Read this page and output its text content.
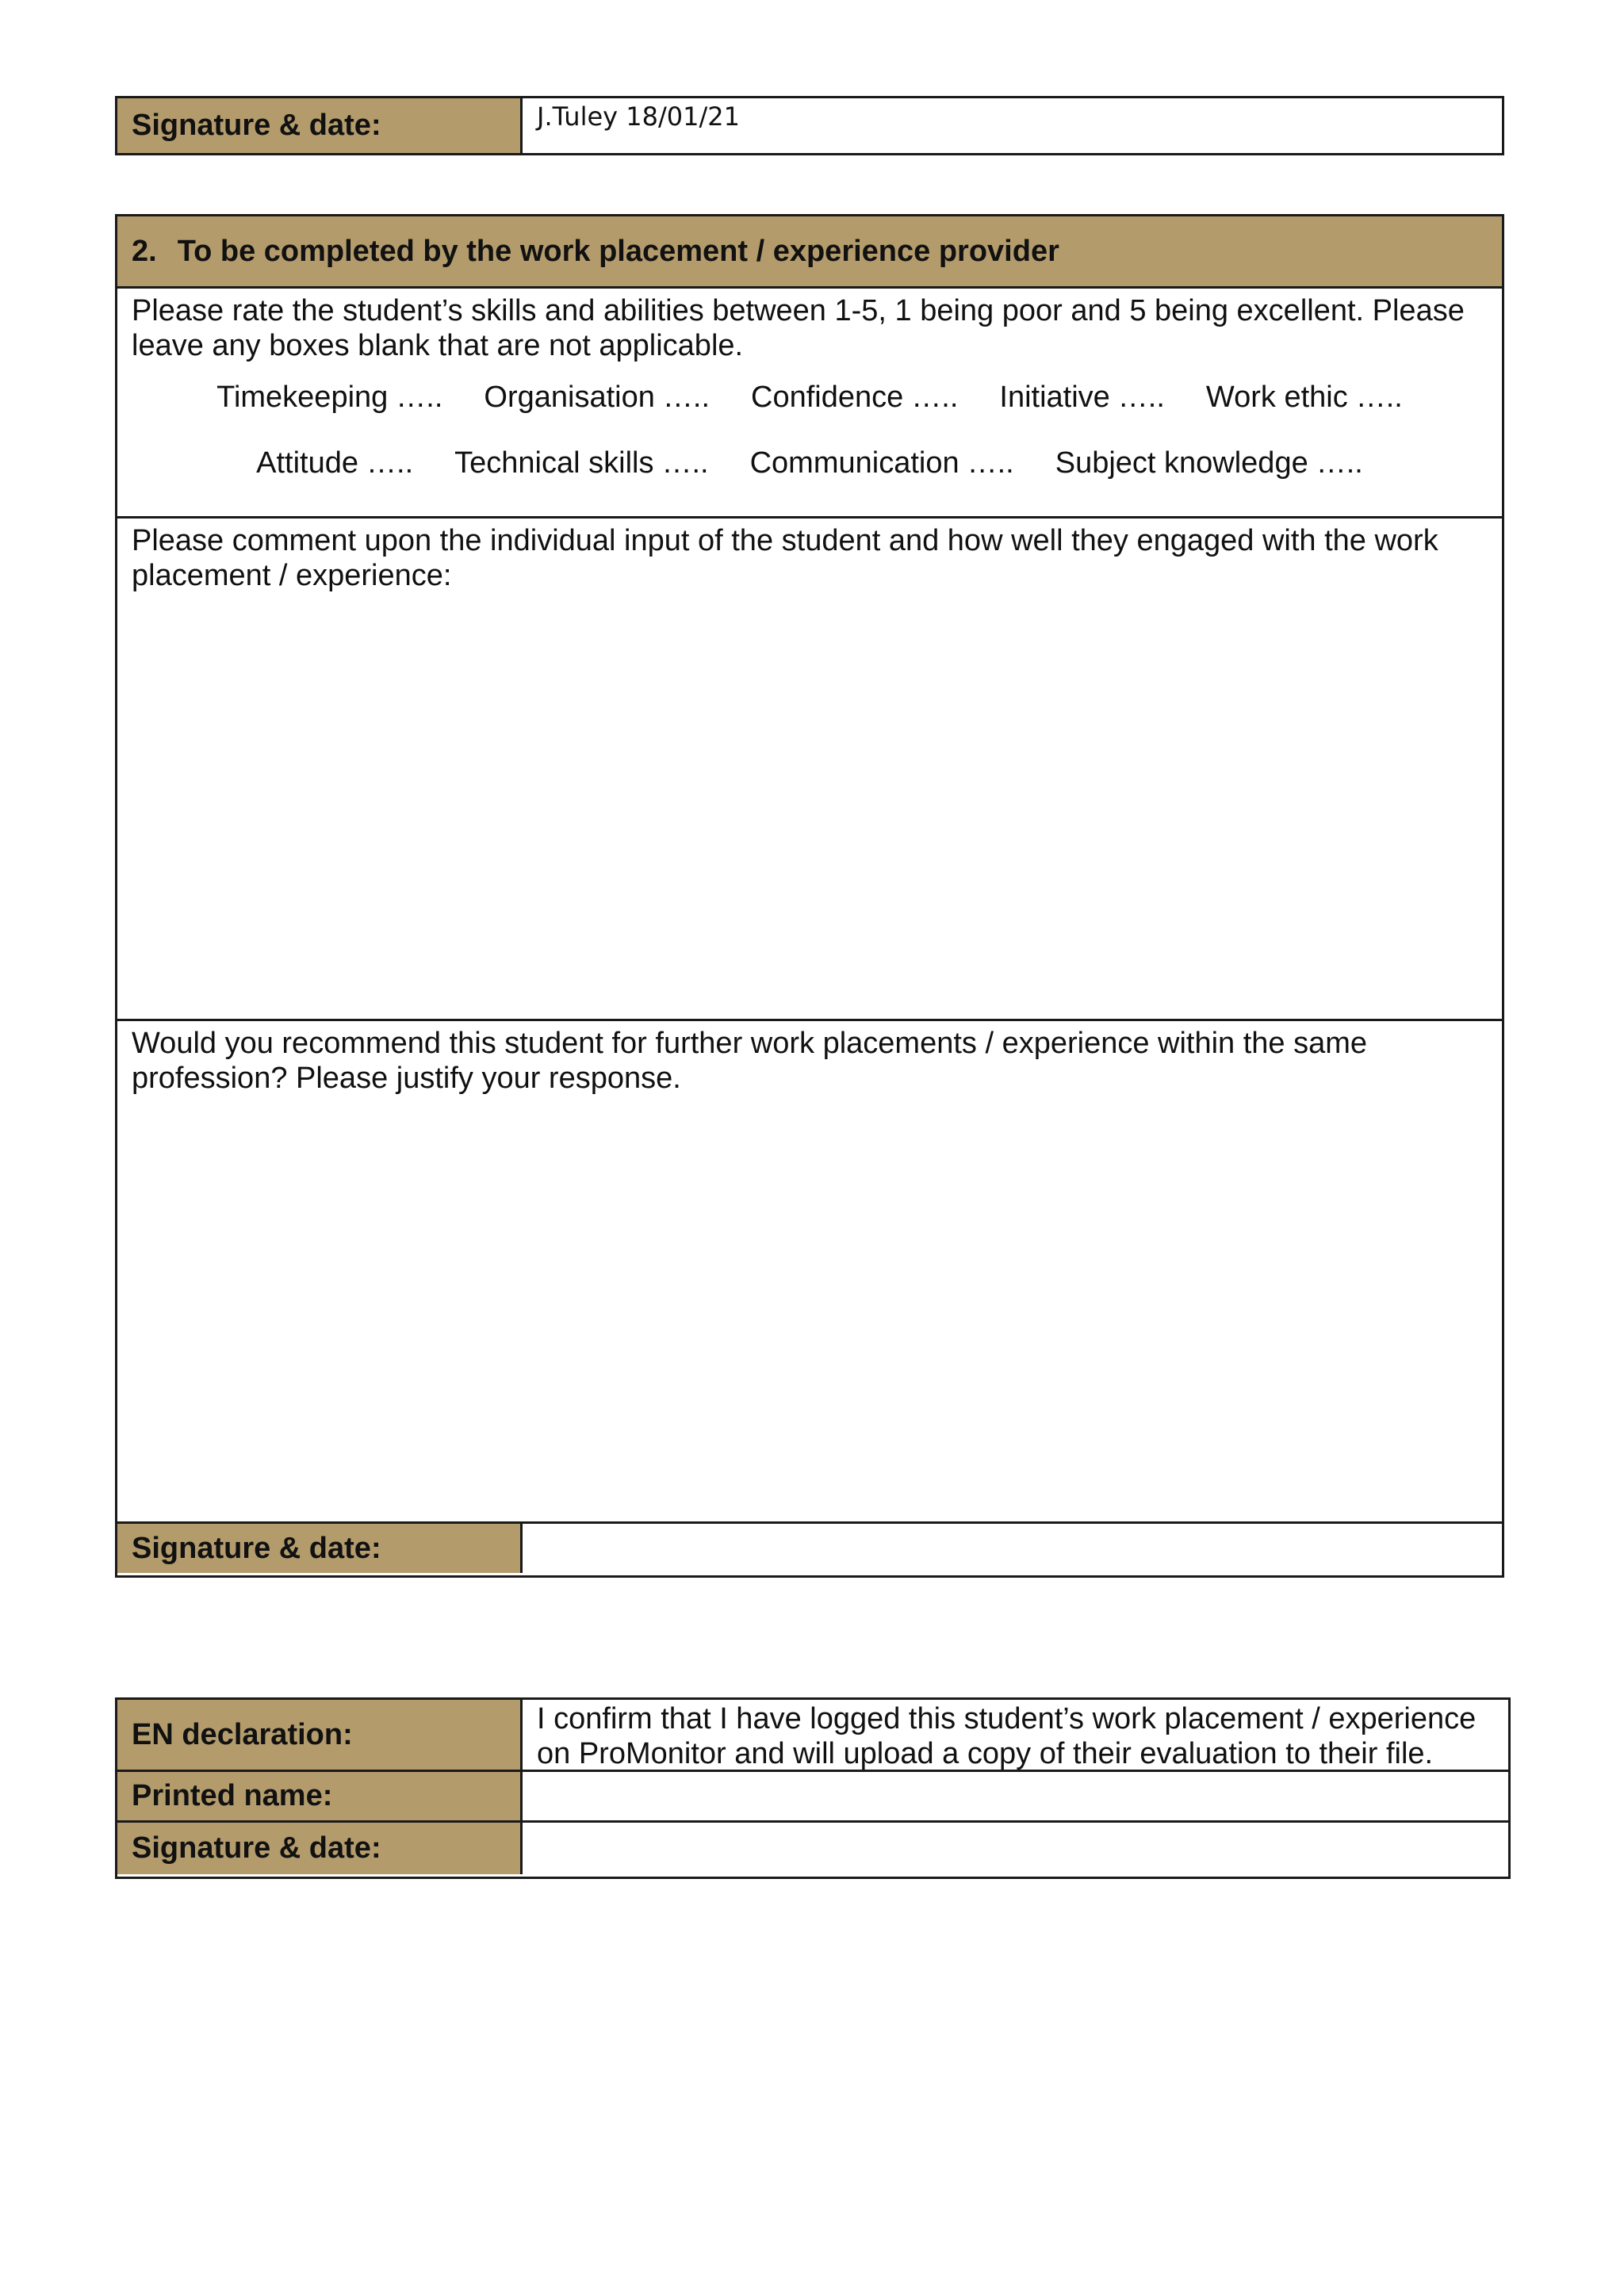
Signature & date:	J.Tuley 18/01/21
2. To be completed by the work placement / experience provider
Please rate the student’s skills and abilities between 1-5, 1 being poor and 5 being excellent. Please leave any boxes blank that are not applicable.
Timekeeping ….. Organisation ….. Confidence ….. Initiative ….. Work ethic …..
Attitude ….. Technical skills ….. Communication ….. Subject knowledge …..
Please comment upon the individual input of the student and how well they engaged with the work placement / experience:
Would you recommend this student for further work placements / experience within the same profession? Please justify your response.
Signature & date:
EN declaration:	I confirm that I have logged this student’s work placement / experience on ProMonitor and will upload a copy of their evaluation to their file.
Printed name:
Signature & date:
